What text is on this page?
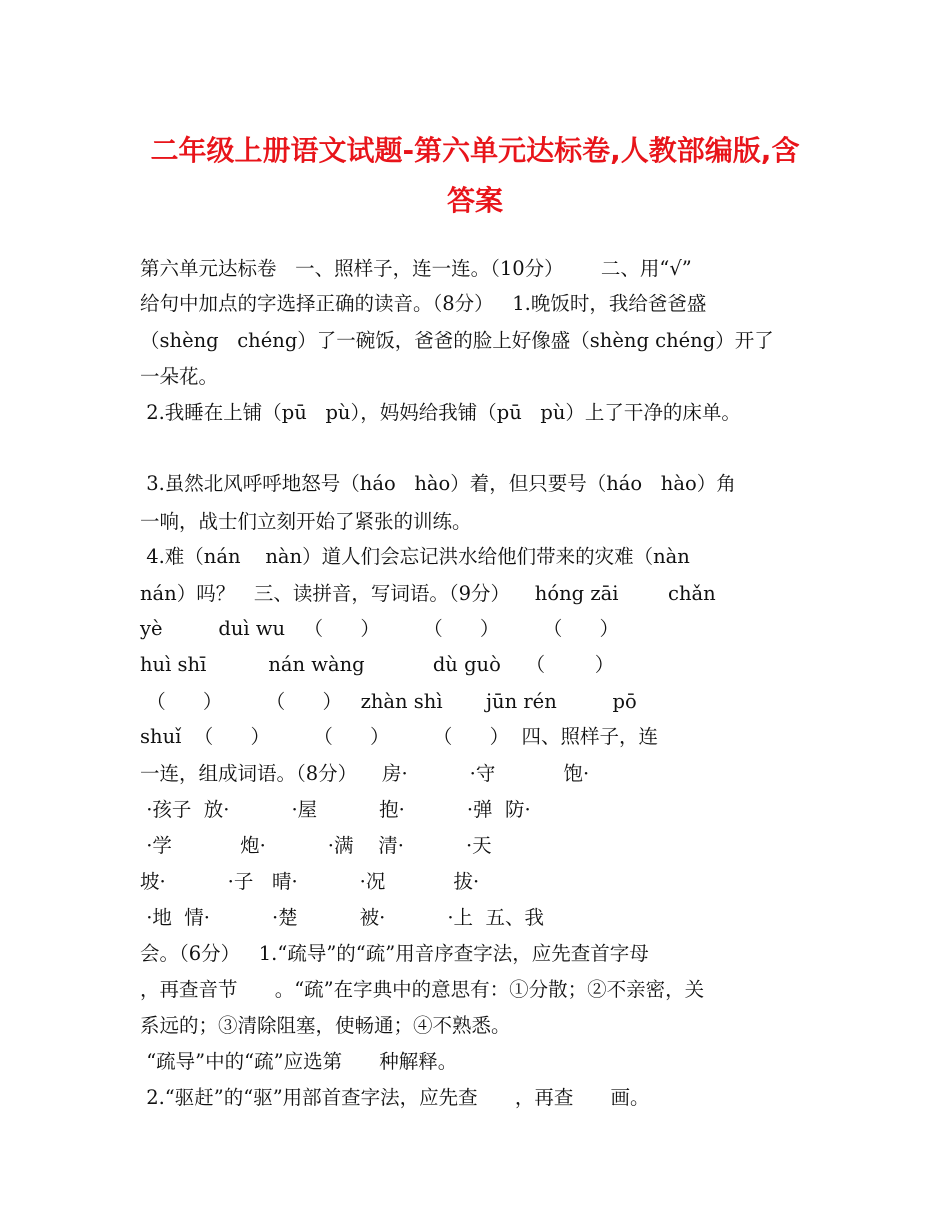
二年级上册语文试题-第六单元达标卷,人教部编版,含
答案
第六单元达标卷   一、照样子，连一连。（10分）      二、用“√”
给句中加点的字选择正确的读音。（8分）   1.晚饭时，我给爸爸盛
（shèng   chéng）了一碗饭，爸爸的脸上好像盛（shèng chéng）开了
一朵花。
2.我睡在上铺（pū   pù），妈妈给我铺（pū   pù）上了干净的床单。
3.虽然北风呼呼地怒号（háo   hào）着，但只要号（háo   hào）角
一响，战士们立刻开始了紧张的训练。
4.难（nán    nàn）道人们会忘记洪水给他们带来的灾难（nàn
nán）吗？   三、读拼音，写词语。（9分）    hóng zāi        chǎn
yè         duì wu   （      ）       （      ）       （      ）
huì shī          nán wàng           dù guò    （        ）
（      ）       （      ）   zhàn shì       jūn rén         pō
shuǐ  （      ）       （      ）       （      ）  四、照样子，连
一连，组成词语。（8分）    房·          ·守           饱·
·孩子  放·          ·屋          抱·          ·弹  防·
·学           炮·          ·满    清·          ·天
坡·          ·子   晴·          ·况           拔·
·地  情·          ·楚          被·          ·上  五、我
会。（6分）   1.“疏导”的“疏”用音序查字法，应先查首字母
，再查音节      。“疏”在字典中的意思有：①分散；②不亲密，关
系远的；③清除阻塞，使畅通；④不熟悉。
“疏导”中的“疏”应选第      种解释。
2.“驱赶”的“驱”用部首查字法，应先查      ，再查      画。
